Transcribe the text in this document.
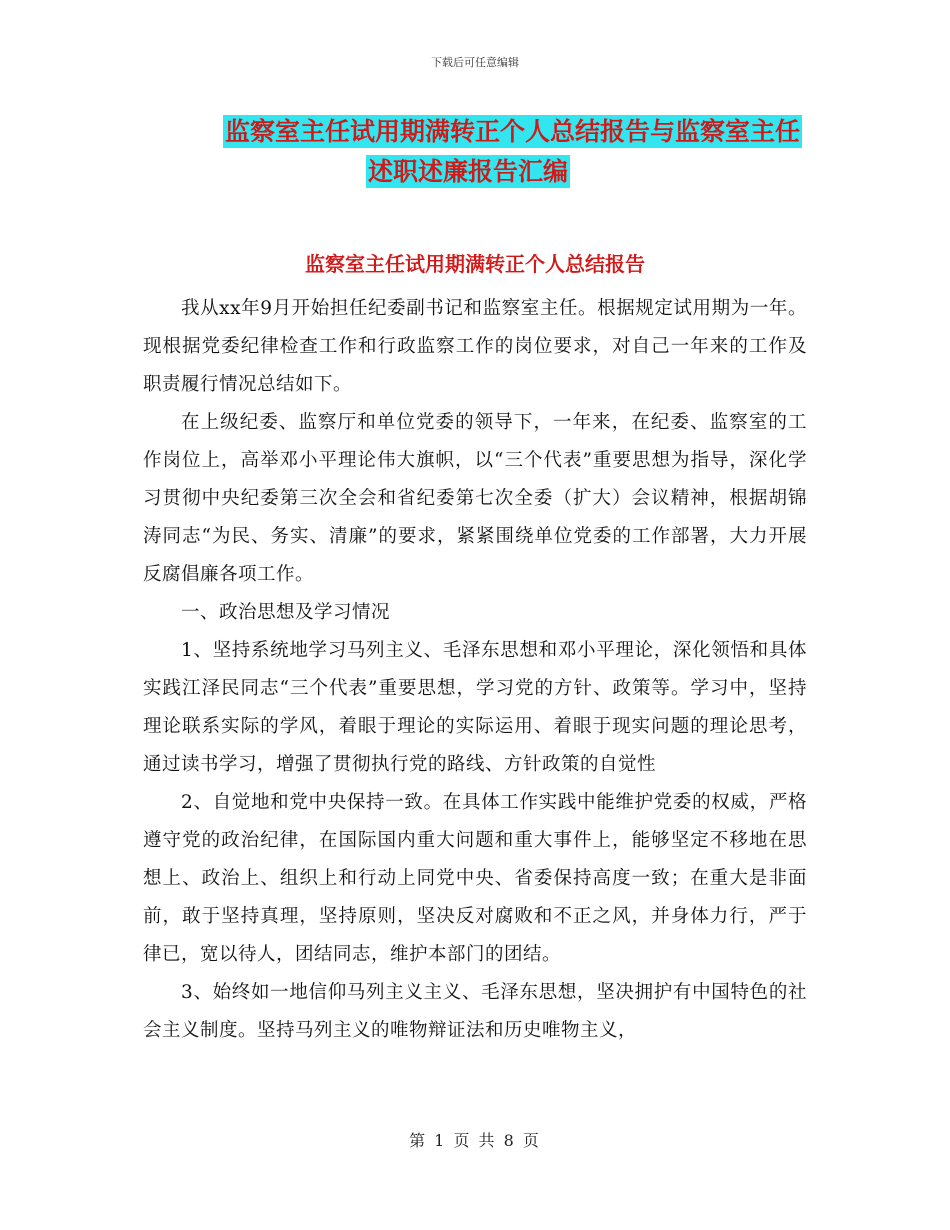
下载后可任意编辑
监察室主任试用期满转正个人总结报告与监察室主任
述职述廉报告汇编
监察室主任试用期满转正个人总结报告

我从xx年9月开始担任纪委副书记和监察室主任。根据规定试用期为一年。现根据党委纪律检查工作和行政监察工作的岗位要求，对自己一年来的工作及职责履行情况总结如下。

在上级纪委、监察厅和单位党委的领导下，一年来，在纪委、监察室的工作岗位上，高举邓小平理论伟大旗帜，以“三个代表”重要思想为指导，深化学习贯彻中央纪委第三次全会和省纪委第七次全委（扩大）会议精神，根据胡锦涛同志“为民、务实、清廉”的要求，紧紧围绕单位党委的工作部署，大力开展反腐倡廉各项工作。

一、政治思想及学习情况

1、坚持系统地学习马列主义、毛泽东思想和邓小平理论，深化领悟和具体实践江泽民同志“三个代表”重要思想，学习党的方针、政策等。学习中，坚持理论联系实际的学风，着眼于理论的实际运用、着眼于现实问题的理论思考，通过读书学习，增强了贯彻执行党的路线、方针政策的自觉性

2、自觉地和党中央保持一致。在具体工作实践中能维护党委的权威，严格遵守党的政治纪律，在国际国内重大问题和重大事件上，能够坚定不移地在思想上、政治上、组织上和行动上同党中央、省委保持高度一致；在重大是非面前，敢于坚持真理，坚持原则，坚决反对腐败和不正之风，并身体力行，严于律已，宽以待人，团结同志，维护本部门的团结。

3、始终如一地信仰马列主义主义、毛泽东思想，坚决拥护有中国特色的社会主义制度。坚持马列主义的唯物辩证法和历史唯物主义，

第 1 页 共 8 页
